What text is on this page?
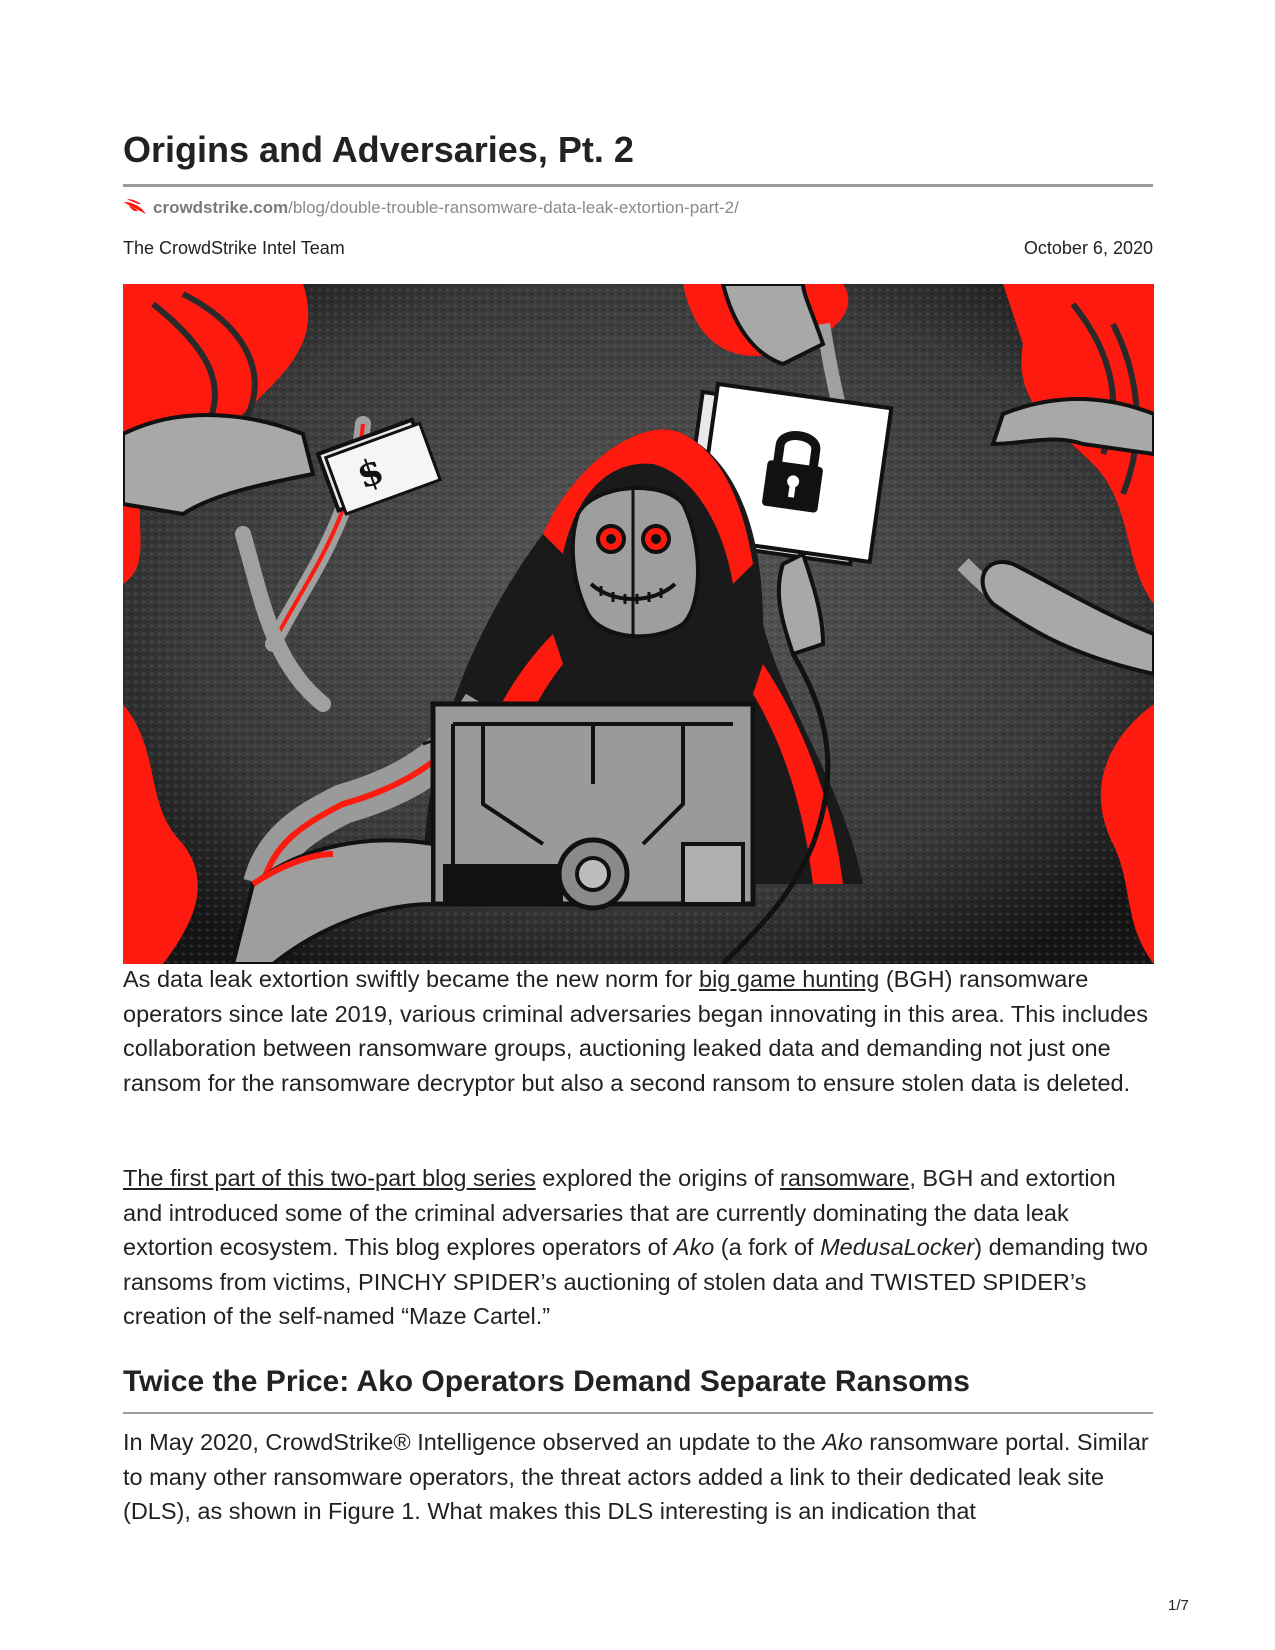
Origins and Adversaries, Pt. 2
crowdstrike.com/blog/double-trouble-ransomware-data-leak-extortion-part-2/
The CrowdStrike Intel Team	October 6, 2020
$

As data leak extortion swiftly became the new norm for big game hunting (BGH) ransomware operators since late 2019, various criminal adversaries began innovating in this area. This includes collaboration between ransomware groups, auctioning leaked data and demanding not just one ransom for the ransomware decryptor but also a second ransom to ensure stolen data is deleted.

The first part of this two-part blog series explored the origins of ransomware, BGH and extortion and introduced some of the criminal adversaries that are currently dominating the data leak extortion ecosystem. This blog explores operators of Ako (a fork of MedusaLocker) demanding two ransoms from victims, PINCHY SPIDER’s auctioning of stolen data and TWISTED SPIDER’s creation of the self-named “Maze Cartel.”

Twice the Price: Ako Operators Demand Separate Ransoms

In May 2020, CrowdStrike® Intelligence observed an update to the Ako ransomware portal. Similar to many other ransomware operators, the threat actors added a link to their dedicated leak site (DLS), as shown in Figure 1. What makes this DLS interesting is an indication that

1/7
